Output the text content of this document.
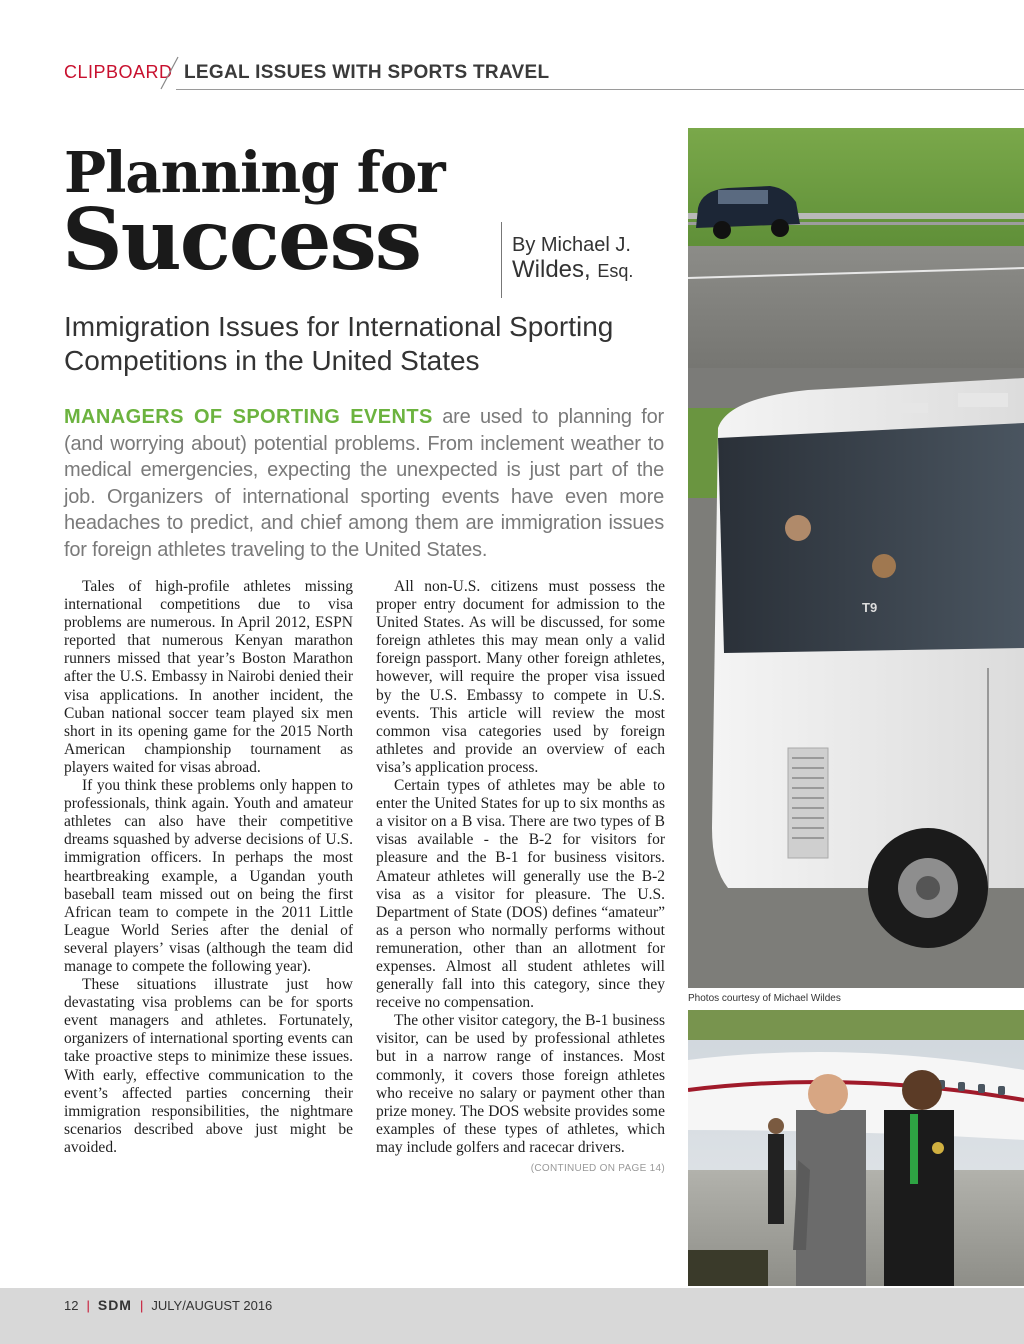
CLIPBOARD LEGAL ISSUES WITH SPORTS TRAVEL
Planning for
Success	By Michael J.
Wildes, Esq.
Immigration Issues for International Sporting Competitions in the United States
MANAGERS OF SPORTING EVENTS are used to planning for (and worrying about) potential problems. From inclement weather to medical emergencies, expecting the unexpected is just part of the job. Organizers of international sporting events have even more headaches to predict, and chief among them are immigration issues for foreign athletes traveling to the United States.

Tales of high-profile athletes missing international competitions due to visa problems are numerous. In April 2012, ESPN reported that numerous Kenyan marathon runners missed that year’s Boston Marathon after the U.S. Embassy in Nairobi denied their visa applications. In another incident, the Cuban national soccer team played six men short in its opening game for the 2015 North American championship tournament as players waited for visas abroad.

If you think these problems only happen to professionals, think again. Youth and amateur athletes can also have their competitive dreams squashed by adverse decisions of U.S. immigration officers. In perhaps the most heartbreaking example, a Ugandan youth baseball team missed out on being the first African team to compete in the 2011 Little League World Series after the denial of several players’ visas (although the team did manage to compete the following year).

These situations illustrate just how devastating visa problems can be for sports event managers and athletes. Fortunately, organizers of international sporting events can take proactive steps to minimize these issues. With early, effective communication to the event’s affected parties concerning their immigration responsibilities, the nightmare scenarios described above just might be avoided.

All non-U.S. citizens must possess the proper entry document for admission to the United States. As will be discussed, for some foreign athletes this may mean only a valid foreign passport. Many other foreign athletes, however, will require the proper visa issued by the U.S. Embassy to compete in U.S. events. This article will review the most common visa categories used by foreign athletes and provide an overview of each visa’s application process.

Certain types of athletes may be able to enter the United States for up to six months as a visitor on a B visa. There are two types of B visas available - the B-2 for visitors for pleasure and the B-1 for business visitors. Amateur athletes will generally use the B-2 visa as a visitor for pleasure. The U.S. Department of State (DOS) defines “amateur” as a person who normally performs without remuneration, other than an allotment for expenses. Almost all student athletes will generally fall into this category, since they receive no compensation.

The other visitor category, the B-1 business visitor, can be used by professional athletes but in a narrow range of instances. Most commonly, it covers those foreign athletes who receive no salary or payment other than prize money. The DOS website provides some examples of these types of athletes, which may include golfers and racecar drivers.
(CONTINUED ON PAGE 14)

T9
Photos courtesy of Michael Wildes
12 | SDM | JULY/AUGUST 2016
